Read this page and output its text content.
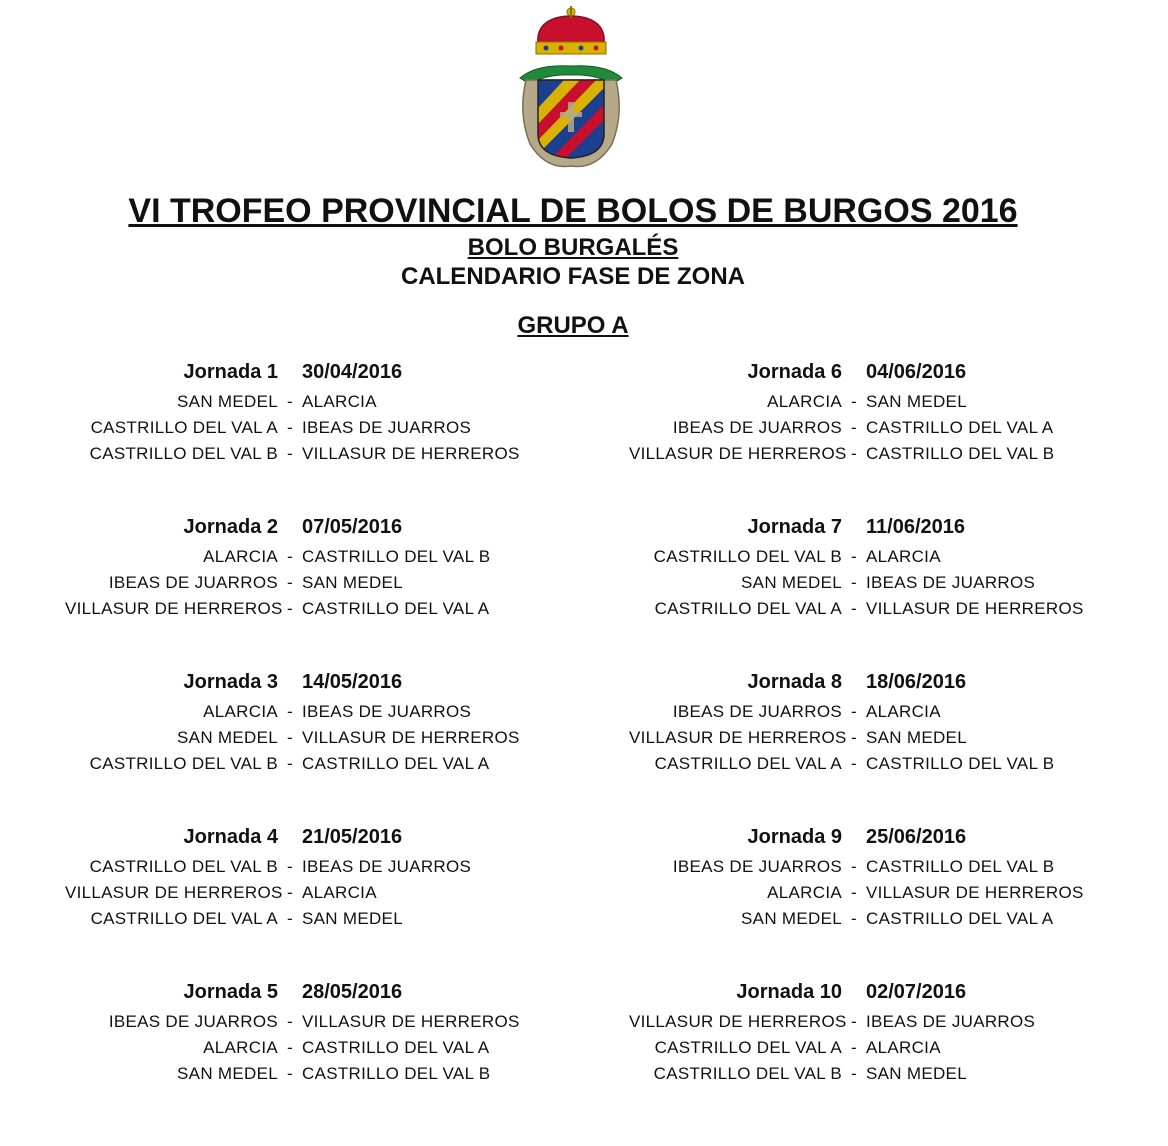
VI TROFEO PROVINCIAL DE BOLOS DE BURGOS 2016
BOLO BURGALÉS
CALENDARIO FASE DE ZONA
GRUPO A
Jornada 1 30/04/2016
SAN MEDEL - ALARCIA
CASTRILLO DEL VAL A - IBEAS DE JUARROS
CASTRILLO DEL VAL B - VILLASUR DE HERREROS
Jornada 2 07/05/2016
ALARCIA - CASTRILLO DEL VAL B
IBEAS DE JUARROS - SAN MEDEL
VILLASUR DE HERREROS - CASTRILLO DEL VAL A
Jornada 3 14/05/2016
ALARCIA - IBEAS DE JUARROS
SAN MEDEL - VILLASUR DE HERREROS
CASTRILLO DEL VAL B - CASTRILLO DEL VAL A
Jornada 4 21/05/2016
CASTRILLO DEL VAL B - IBEAS DE JUARROS
VILLASUR DE HERREROS - ALARCIA
CASTRILLO DEL VAL A - SAN MEDEL
Jornada 5 28/05/2016
IBEAS DE JUARROS - VILLASUR DE HERREROS
ALARCIA - CASTRILLO DEL VAL A
SAN MEDEL - CASTRILLO DEL VAL B
Jornada 6 04/06/2016
ALARCIA - SAN MEDEL
IBEAS DE JUARROS - CASTRILLO DEL VAL A
VILLASUR DE HERREROS - CASTRILLO DEL VAL B
Jornada 7 11/06/2016
CASTRILLO DEL VAL B - ALARCIA
SAN MEDEL - IBEAS DE JUARROS
CASTRILLO DEL VAL A - VILLASUR DE HERREROS
Jornada 8 18/06/2016
IBEAS DE JUARROS - ALARCIA
VILLASUR DE HERREROS - SAN MEDEL
CASTRILLO DEL VAL A - CASTRILLO DEL VAL B
Jornada 9 25/06/2016
IBEAS DE JUARROS - CASTRILLO DEL VAL B
ALARCIA - VILLASUR DE HERREROS
SAN MEDEL - CASTRILLO DEL VAL A
Jornada 10 02/07/2016
VILLASUR DE HERREROS - IBEAS DE JUARROS
CASTRILLO DEL VAL A - ALARCIA
CASTRILLO DEL VAL B - SAN MEDEL
